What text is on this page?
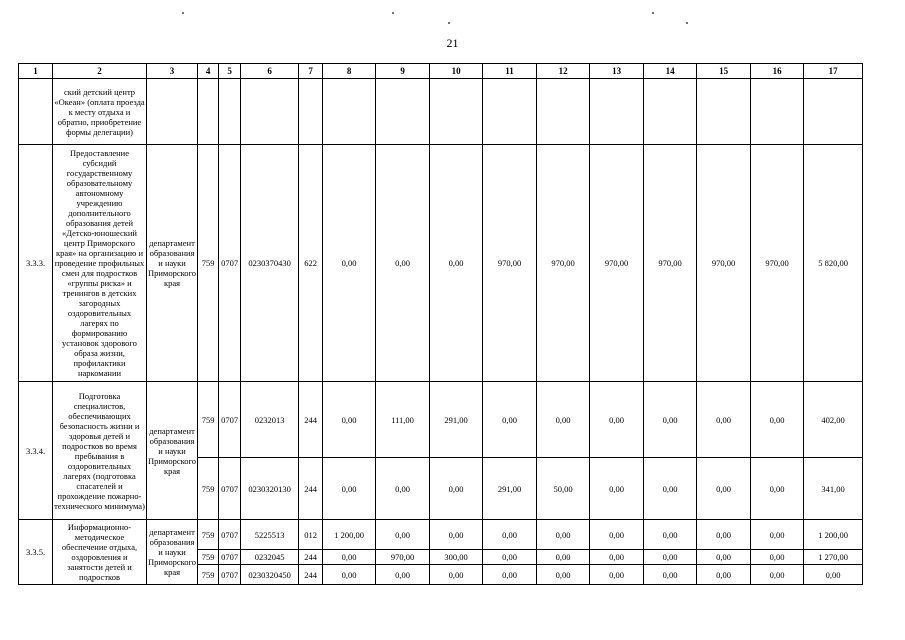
21
1	2	3	4	5	6	7	8	9	10	11	12	13	14	15	16	17
	ский детский центр «Океан» (оплата проезда к месту отдыха и обратно, приобретение формы делегации)															
3.3.3.	Предоставление субсидий государственному образовательному автономному учреждению дополнительного образования детей «Детско-юношеский центр Приморского края» на организацию и проведение профильных смен для подростков «группы риска» и тренингов в детских загородных оздоровительных лагерях по формированию установок здорового образа жизни, профилактики наркомании	департамент образования и науки Приморского края	759	0707	0230370430	622	0,00	0,00	0,00	970,00	970,00	970,00	970,00	970,00	970,00	5 820,00
3.3.4.	Подготовка специалистов, обеспечивающих безопасность жизни и здоровья детей и подростков во время пребывания в оздоровительных лагерях (подготовка спасателей и прохождение пожарно-технического минимума)	департамент образования и науки Приморского края	759	0707	0232013	244	0,00	111,00	291,00	0,00	0,00	0,00	0,00	0,00	0,00	402,00
			759	0707	0230320130	244	0,00	0,00	0,00	291,00	50,00	0,00	0,00	0,00	0,00	341,00
3.3.5.	Информационно-методическое обеспечение отдыха, оздоровления и занятости детей и подростков	департамент образования и науки Приморского края	759	0707	5225513	012	1 200,00	0,00	0,00	0,00	0,00	0,00	0,00	0,00	0,00	1 200,00
			759	0707	0232045	244	0,00	970,00	300,00	0,00	0,00	0,00	0,00	0,00	0,00	1 270,00
			759	0707	0230320450	244	0,00	0,00	0,00	0,00	0,00	0,00	0,00	0,00	0,00	0,00
